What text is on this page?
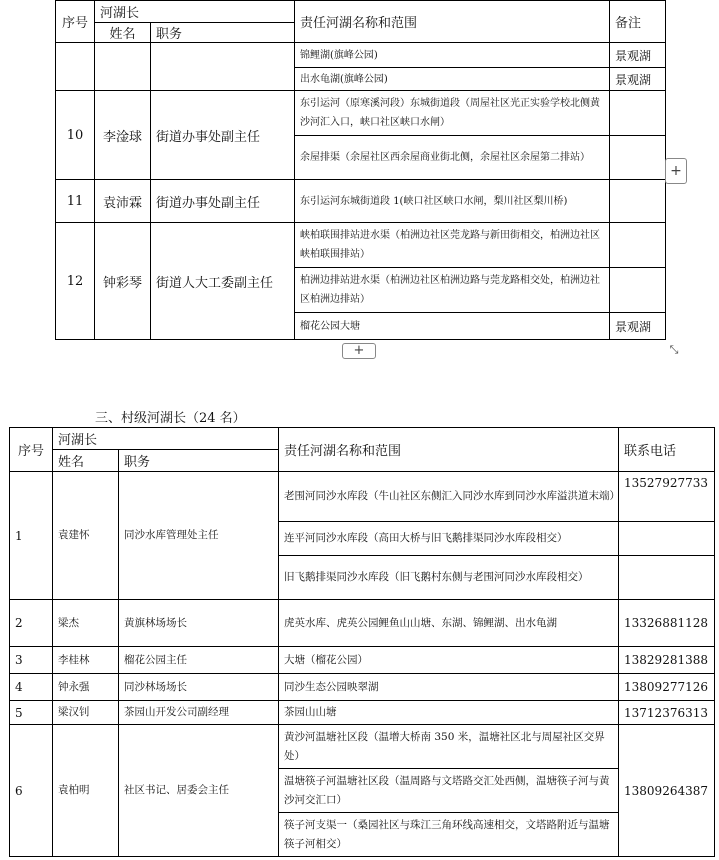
序号	河湖长		责任河湖名称和范围	备注
	姓名	职务		
			锦鲤湖(旗峰公园)	景观湖
			出水龟湖(旗峰公园)	景观湖
10	李淦球	街道办事处副主任	东引运河（原寒溪河段）东城街道段（周屋社区光正实验学校北侧黄沙河汇入口，峡口社区峡口水闸）	
			余屋排渠（余屋社区西余屋商业街北侧，余屋社区余屋第二排站）	
11	袁沛霖	街道办事处副主任	东引运河东城街道段 1(峡口社区峡口水闸，梨川社区梨川桥)	
12	钟彩琴	街道人大工委副主任	峡柏联围排站进水渠（柏洲边社区莞龙路与新田街相交，柏洲边社区峡柏联围排站）	
			柏洲边排站进水渠（柏洲边社区柏洲边路与莞龙路相交处，柏洲边社区柏洲边排站）	
			榴花公园大塘	景观湖
+
+	⤡
三、村级河湖长（24 名）
序号	河湖长		责任河湖名称和范围	联系电话
	姓名	职务		
1	袁建怀	同沙水库管理处主任	老围河同沙水库段（牛山社区东侧汇入同沙水库到同沙水库溢洪道末端）	13527927733
			连平河同沙水库段（高田大桥与旧飞鹅排渠同沙水库段相交）	
			旧飞鹅排渠同沙水库段（旧飞鹅村东侧与老围河同沙水库段相交）	
2	梁杰	黄旗林场场长	虎英水库、虎英公园鲤鱼山山塘、东湖、锦鲤湖、出水龟湖	13326881128
3	李桂林	榴花公园主任	大塘（榴花公园）	13829281388
4	钟永强	同沙林场场长	同沙生态公园映翠湖	13809277126
5	梁汉钊	茶园山开发公司副经理	茶园山山塘	13712376313
6	袁柏明	社区书记、居委会主任	黄沙河温塘社区段（温增大桥南 350 米，温塘社区北与周屋社区交界处）	13809264387
			温塘筷子河温塘社区段（温周路与文塔路交汇处西侧，温塘筷子河与黄沙河交汇口）	
			筷子河支渠一（桑园社区与珠江三角环线高速相交，文塔路附近与温塘筷子河相交）	
